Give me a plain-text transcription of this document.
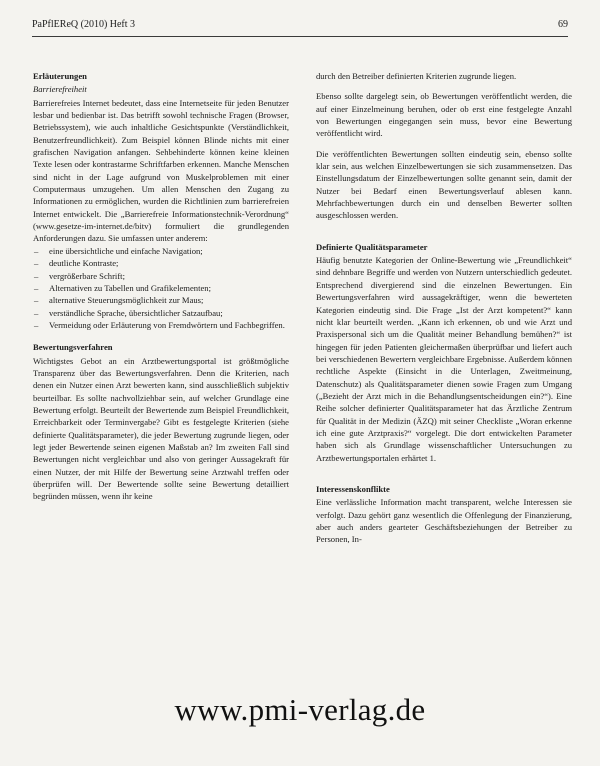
PaPflEReQ (2010) Heft 3	69
Erläuterungen
Barrierefreiheit

Barrierefreies Internet bedeutet, dass eine Internetseite für jeden Benutzer lesbar und bedienbar ist. Das betrifft sowohl technische Fragen (Browser, Betriebssystem), wie auch inhaltliche Gesichtspunkte (Verständlichkeit, Benutzerfreundlichkeit). Zum Beispiel können Blinde nichts mit einer grafischen Navigation anfangen. Sehbehinderte können keine kleinen Texte lesen oder kontrastarme Schriftfarben erkennen. Manche Menschen sind nicht in der Lage aufgrund von Muskelproblemen mit einer Computermaus umzugehen. Um allen Menschen den Zugang zu Informationen zu ermöglichen, wurden die Richtlinien zum barrierefreien Internet entwickelt. Die „Barrierefreie Informationstechnik-Verordnung“ (www.gesetze-im-internet.de/bitv) formuliert die grundlegenden Anforderungen dazu. Sie umfassen unter anderem:

– eine übersichtliche und einfache Navigation;
– deutliche Kontraste;
– vergrößerbare Schrift;
– Alternativen zu Tabellen und Grafikelementen;
– alternative Steuerungsmöglichkeit zur Maus;
– verständliche Sprache, übersichtlicher Satzaufbau;
– Vermeidung oder Erläuterung von Fremdwörtern und Fachbegriffen.
Bewertungsverfahren

Wichtigstes Gebot an ein Arztbewertungsportal ist größtmögliche Transparenz über das Bewertungsverfahren. Denn die Kriterien, nach denen ein Nutzer einen Arzt bewerten kann, sind ausschließlich subjektiv beurteilbar. Es sollte nachvollziehbar sein, auf welcher Grundlage eine Bewertung erfolgt. Beurteilt der Bewertende zum Beispiel Freundlichkeit, Erreichbarkeit oder Terminvergabe? Gibt es festgelegte Kriterien (siehe definierte Qualitätsparameter), die jeder Bewertung zugrunde liegen, oder legt jeder Bewertende seinen eigenen Maßstab an? Im zweiten Fall sind Bewertungen nicht vergleichbar und also von geringer Aussagekraft für einen Nutzer, der mit Hilfe der Bewertung seine Arztwahl treffen oder überprüfen will. Der Bewertende sollte seine Bewertung detailliert begründen müssen, wenn ihr keine

durch den Betreiber definierten Kriterien zugrunde liegen.

Ebenso sollte dargelegt sein, ob Bewertungen veröffentlicht werden, die auf einer Einzelmeinung beruhen, oder ob erst eine festgelegte Anzahl von Bewertungen eingegangen sein muss, bevor eine Bewertung veröffentlicht wird.

Die veröffentlichten Bewertungen sollten eindeutig sein, ebenso sollte klar sein, aus welchen Einzelbewertungen sie sich zusammensetzen. Das Einstellungsdatum der Einzelbewertungen sollte genannt sein, damit der Nutzer bei Bedarf einen Bewertungsverlauf ablesen kann. Mehrfachbewertungen durch ein und denselben Bewerter sollten ausgeschlossen werden.

Definierte Qualitätsparameter

Häufig benutzte Kategorien der Online-Bewertung wie „Freundlichkeit“ sind dehnbare Begriffe und werden von Nutzern unterschiedlich gedeutet. Entsprechend divergierend sind die einzelnen Bewertungen. Ein Bewertungsverfahren wird aussagekräftiger, wenn die bewerteten Kategorien eindeutig sind. Die Frage „Ist der Arzt kompetent?“ kann nicht klar beurteilt werden. „Kann ich erkennen, ob und wie Arzt und Praxispersonal sich um die Qualität meiner Behandlung bemühen?“ ist hingegen für jeden Patienten gleichermaßen überprüfbar und liefert auch bei verschiedenen Bewertern vergleichbare Ergebnisse. Außerdem können rechtliche Aspekte (Einsicht in die Unterlagen, Zweitmeinung, Datenschutz) als Qualitätsparameter dienen sowie Fragen zum Umgang („Bezieht der Arzt mich in die Behandlungsentscheidungen ein?“). Eine Reihe solcher definierter Qualitätsparameter hat das Ärztliche Zentrum für Qualität in der Medizin (ÄZQ) mit seiner Checkliste „Woran erkenne ich eine gute Arztpraxis?“ vorgelegt. Die dort entwickelten Parameter haben sich als Grundlage wissenschaftlicher Untersuchungen zu Arztbewertungsportalen erhärtet 1.

Interessenskonflikte

Eine verlässliche Information macht transparent, welche Interessen sie verfolgt. Dazu gehört ganz wesentlich die Offenlegung der Finanzierung, aber auch anders gearteter Geschäftsbeziehungen der Betreiber zu Personen, In-

www.pmi-verlag.de
